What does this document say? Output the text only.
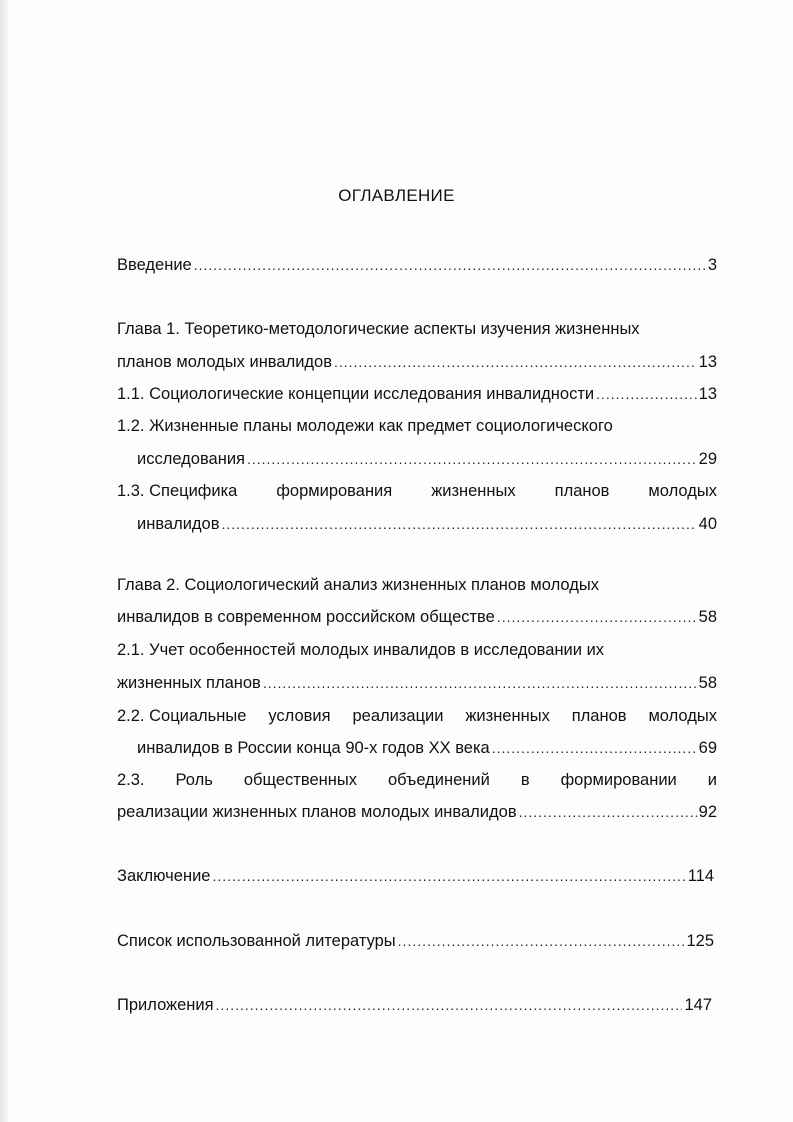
ОГЛАВЛЕНИЕ
Введение .....	3
Глава 1. Теоретико-методологические аспекты изучения жизненных
планов молодых инвалидов .....	13
1.1. Социологические концепции исследования инвалидности .....	13
1.2. Жизненные планы молодежи как предмет социологического
исследования .....	29
1.3. Специфика формирования жизненных планов молодых
инвалидов .....	40
Глава 2. Социологический анализ жизненных планов молодых
инвалидов в современном российском обществе .....	58
2.1. Учет особенностей молодых инвалидов в исследовании их
жизненных планов .....	58
2.2. Социальные условия реализации жизненных планов молодых
инвалидов в России конца 90-х годов XX века .....	69
2.3. Роль общественных объединений в формировании и
реализации жизненных планов молодых инвалидов .....	92
Заключение .....	114
Список использованной литературы .....	125
Приложения .....	147
